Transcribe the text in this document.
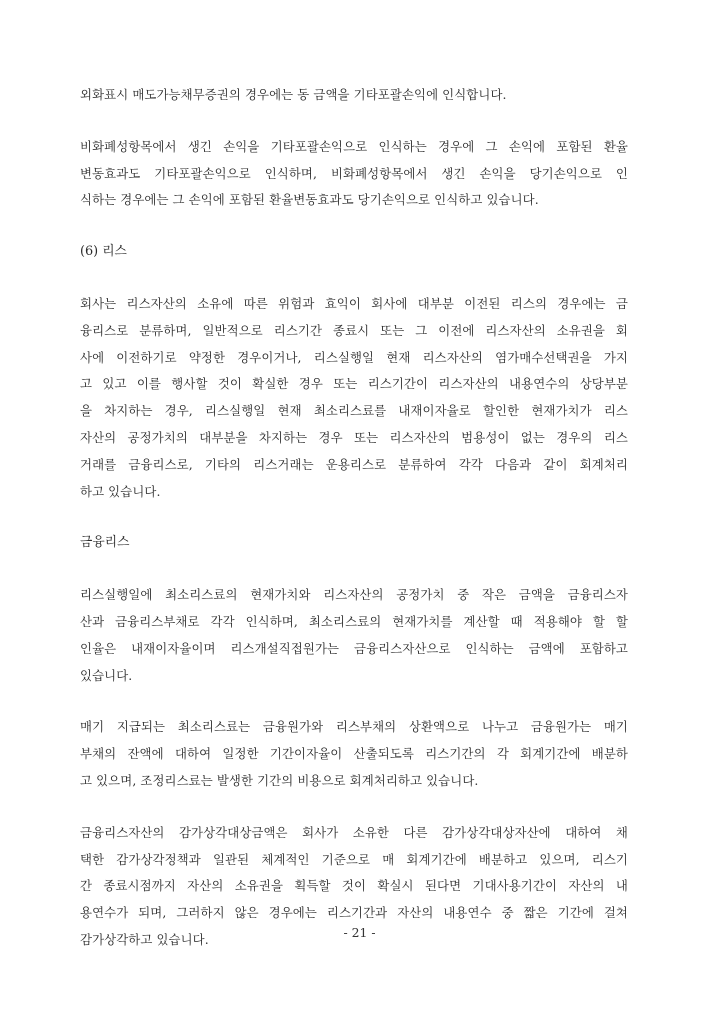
외화표시 매도가능채무증권의 경우에는 동 금액을 기타포괄손익에 인식합니다.
비화폐성항목에서 생긴 손익을 기타포괄손익으로 인식하는 경우에 그 손익에 포함된 환율
변동효과도 기타포괄손익으로 인식하며, 비화폐성항목에서 생긴 손익을 당기손익으로 인
식하는 경우에는 그 손익에 포함된 환율변동효과도 당기손익으로 인식하고 있습니다.
(6) 리스
회사는 리스자산의 소유에 따른 위험과 효익이 회사에 대부분 이전된 리스의 경우에는 금
융리스로 분류하며, 일반적으로 리스기간 종료시 또는 그 이전에 리스자산의 소유권을 회
사에 이전하기로 약정한 경우이거나, 리스실행일 현재 리스자산의 염가매수선택권을 가지
고 있고 이를 행사할 것이 확실한 경우 또는 리스기간이 리스자산의 내용연수의 상당부분
을 차지하는 경우, 리스실행일 현재 최소리스료를 내재이자율로 할인한 현재가치가 리스
자산의 공정가치의 대부분을 차지하는 경우 또는 리스자산의 범용성이 없는 경우의 리스
거래를 금융리스로, 기타의 리스거래는 운용리스로 분류하여 각각 다음과 같이 회계처리
하고 있습니다.
금융리스
리스실행일에 최소리스료의 현재가치와 리스자산의 공정가치 중 작은 금액을 금융리스자
산과 금융리스부채로 각각 인식하며, 최소리스료의 현재가치를 계산할 때 적용해야 할 할
인율은 내재이자율이며 리스개설직접원가는 금융리스자산으로 인식하는 금액에 포함하고
있습니다.
매기 지급되는 최소리스료는 금융원가와 리스부채의 상환액으로 나누고 금융원가는 매기
부채의 잔액에 대하여 일정한 기간이자율이 산출되도록 리스기간의 각 회계기간에 배분하
고 있으며, 조정리스료는 발생한 기간의 비용으로 회계처리하고 있습니다.
금융리스자산의 감가상각대상금액은 회사가 소유한 다른 감가상각대상자산에 대하여 채
택한 감가상각정책과 일관된 체계적인 기준으로 매 회계기간에 배분하고 있으며, 리스기
간 종료시점까지 자산의 소유권을 획득할 것이 확실시 된다면 기대사용기간이 자산의 내
용연수가 되며, 그러하지 않은 경우에는 리스기간과 자산의 내용연수 중 짧은 기간에 걸쳐
감가상각하고 있습니다.	- 21 -
